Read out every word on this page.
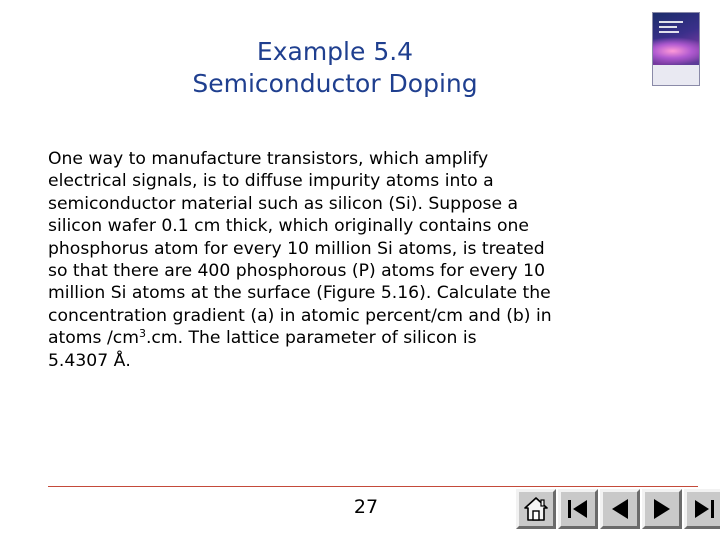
Example 5.4
Semiconductor Doping
One way to manufacture transistors, which amplify
electrical signals, is to diffuse impurity atoms into a
semiconductor material such as silicon (Si). Suppose a
silicon wafer 0.1 cm thick, which originally contains one
phosphorus atom for every 10 million Si atoms, is treated
so that there are 400 phosphorous (P) atoms for every 10
million Si atoms at the surface (Figure 5.16). Calculate the
concentration gradient (a) in atomic percent/cm and (b) in
atoms $/cm^3.cm$. The lattice parameter of silicon is
5.4307 Å.
27
